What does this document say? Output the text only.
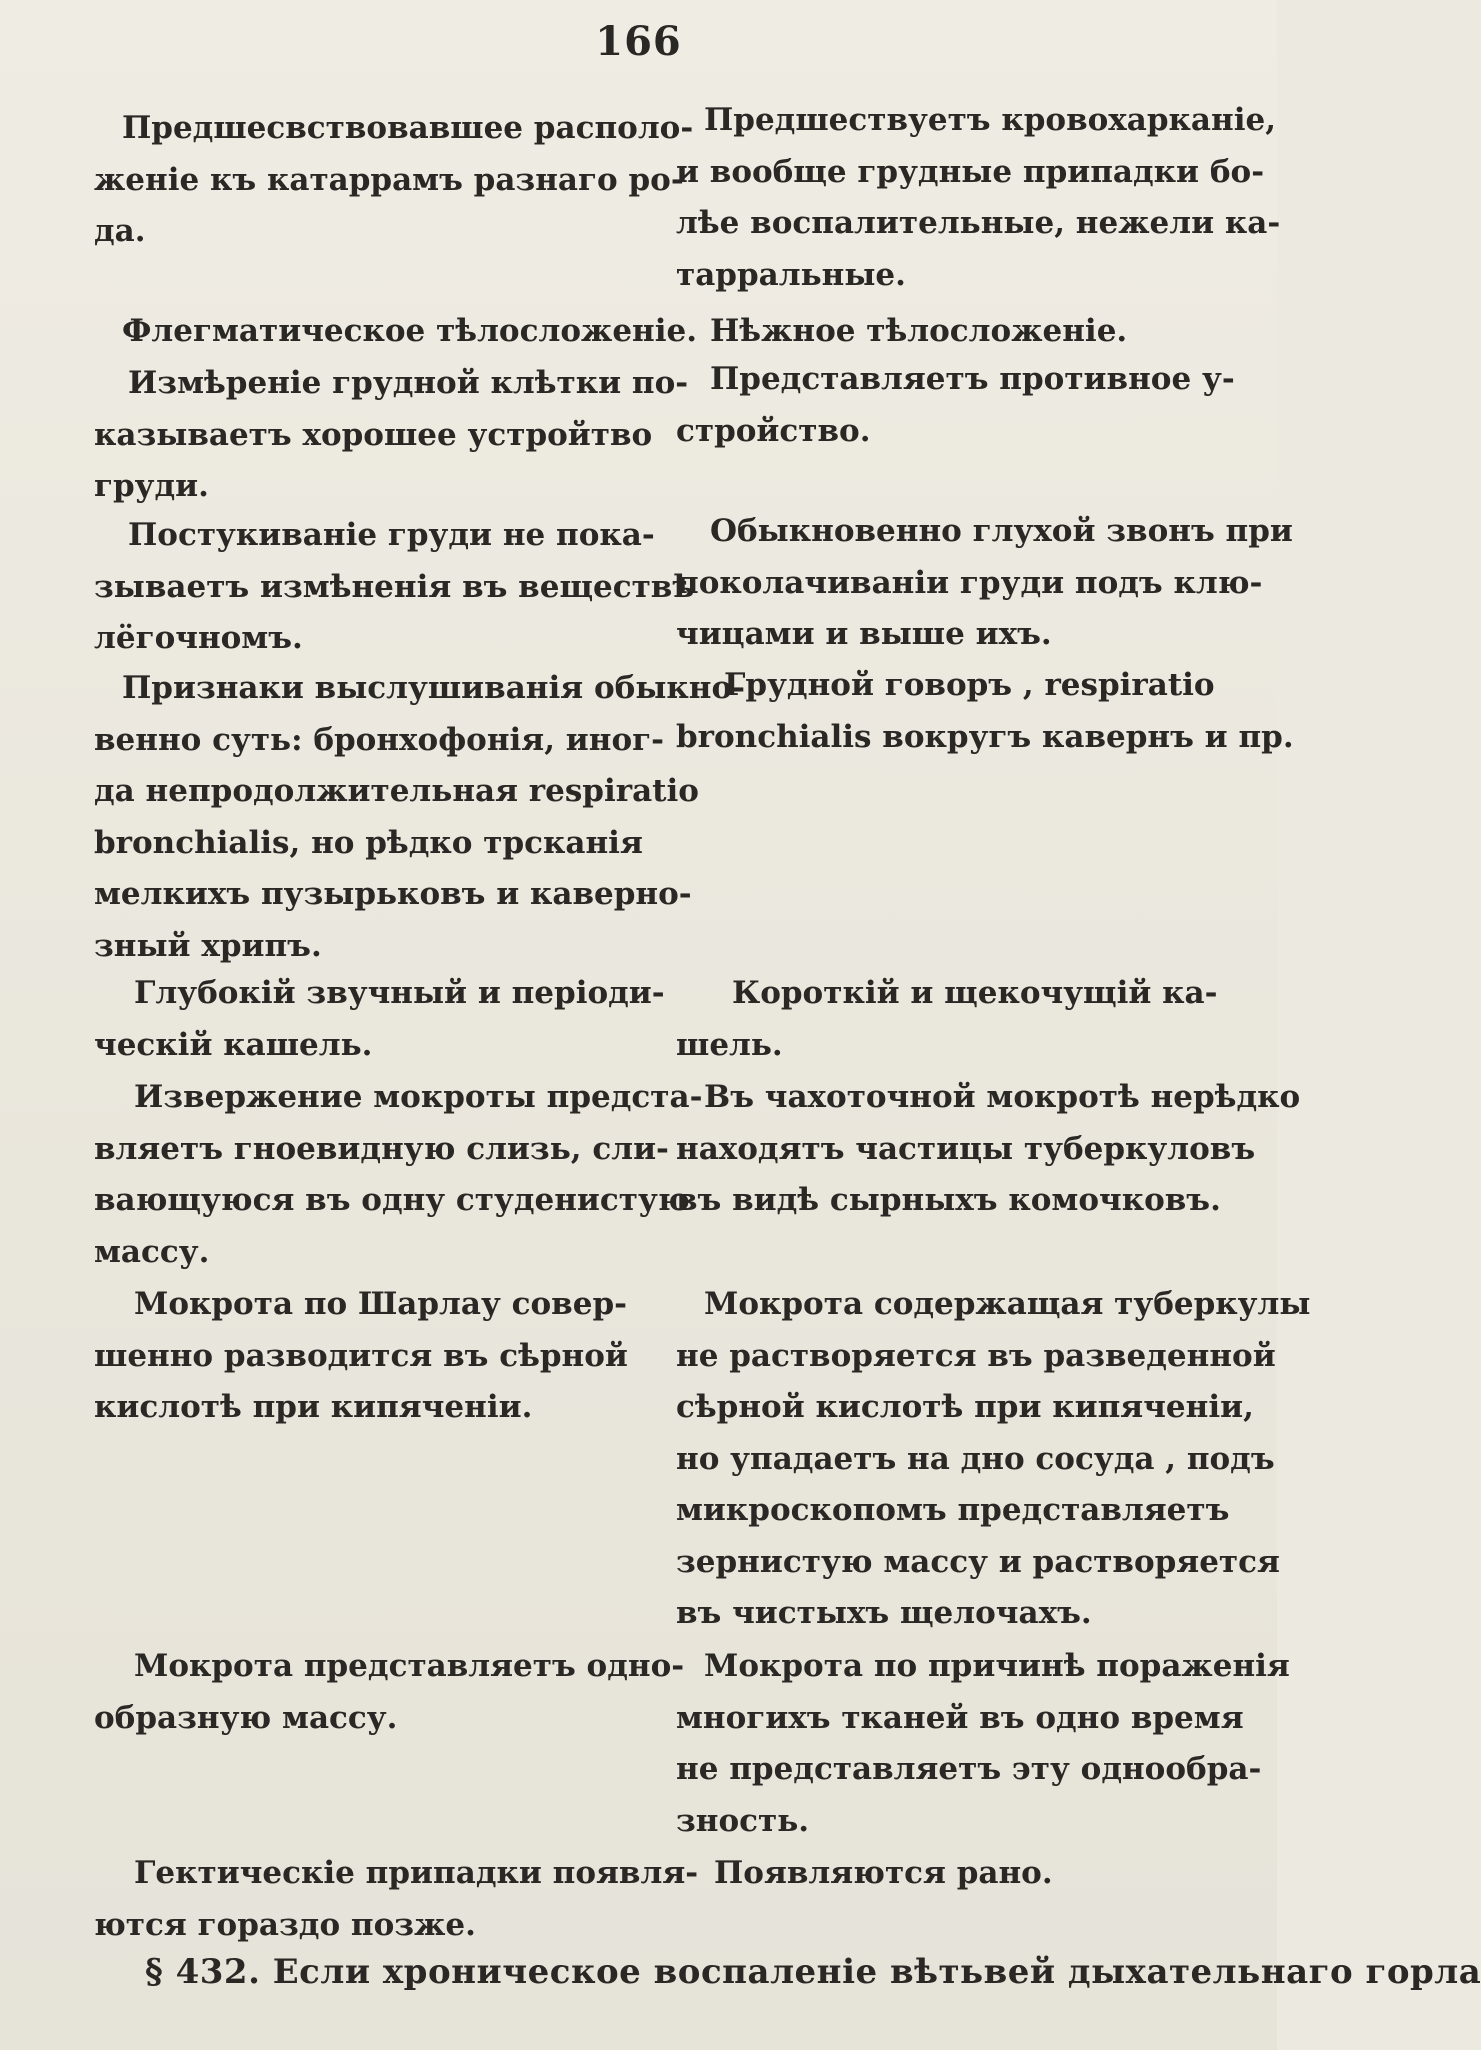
166

Предшесвствовавшее располо-
женіе къ катаррамъ разнаго ро-
да.

Предшествуетъ кровохарканіе,
и вообще грудные припадки бо-
лѣе воспалительные, нежели ка-
тарральные.

Флегматическое тѣлосложеніе. Нѣжное тѣлосложеніе.

Измѣреніе грудной клѣтки по-
казываетъ хорошее устройтво
груди.

Представляетъ противное у-
стройство.

Постукиваніе груди не пока-
зываетъ измѣненія въ веществѣ
лёгочномъ.

Обыкновенно глухой звонъ при
поколачиваніи груди подъ клю-
чицами и выше ихъ.

Признаки выслушиванія обыкно-
венно суть: бронхофонія, иног-
да непродолжительная respiratio
bronchialis, но рѣдко трсканія
мелкихъ пузырьковъ и каверно-
зный хрипъ.

Грудной говоръ , respiratio
bronchialis вокругъ кавернъ и пр.

Глубокій звучный и періоди-
ческій кашель.

Короткій и щекочущій ка-
шель.

Извержение мокроты предста-
вляетъ гноевидную слизь, сли-
вающуюся въ одну студенистую
массу.

Въ чахоточной мокротѣ нерѣдко
находятъ частицы туберкуловъ
въ видѣ сырныхъ комочковъ.

Мокрота по Шарлау совер-
шенно разводится въ сѣрной
кислотѣ при кипяченіи.

Мокрота содержащая туберкулы
не растворяется въ разведенной
сѣрной кислотѣ при кипяченіи,
но упадаетъ на дно сосуда , подъ
микроскопомъ представляетъ
зернистую массу и растворяется
въ чистыхъ щелочахъ.

Мокрота представляетъ одно-
образную массу.

Мокрота по причинѣ пораженія
многихъ тканей въ одно время
не представляетъ эту однообра-
зность.

Гектическіе припадки появля-
ются гораздо позже.

Появляются рано.

§ 432. Если хроническое воспаленіе вѣтьвей дыхательнаго горла
